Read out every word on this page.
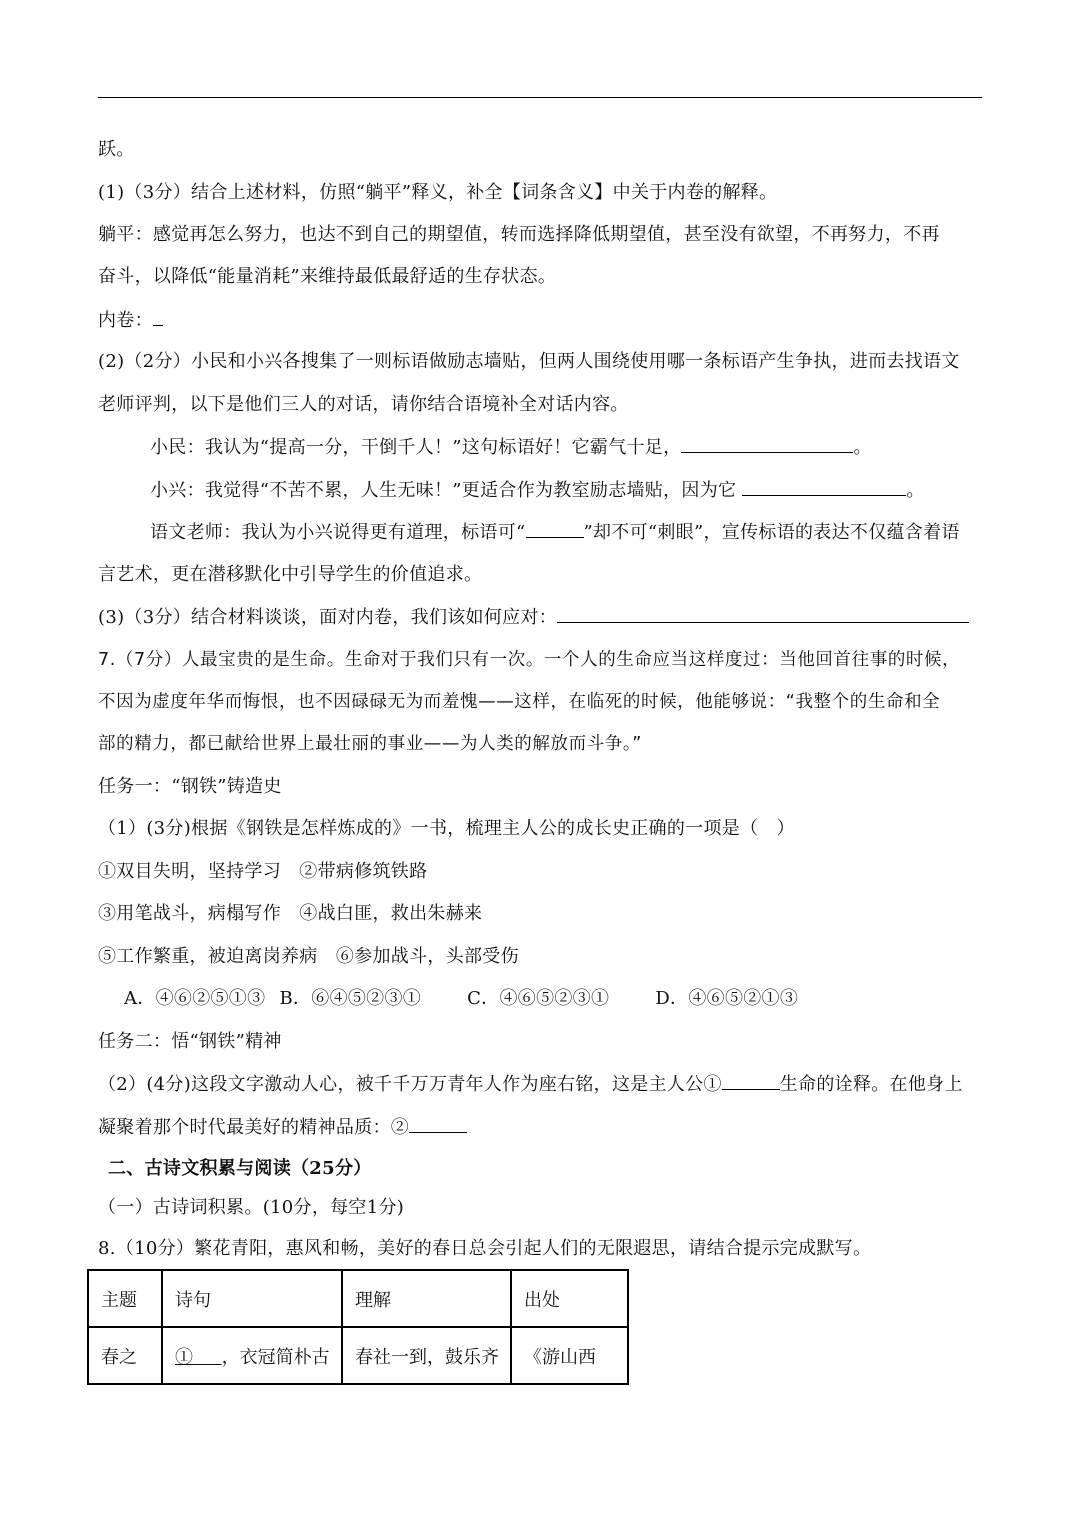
跃。
(1)（3分）结合上述材料，仿照“躺平”释义，补全【词条含义】中关于内卷的解释。
躺平：感觉再怎么努力，也达不到自己的期望值，转而选择降低期望值，甚至没有欲望，不再努力，不再
奋斗，以降低“能量消耗”来维持最低最舒适的生存状态。
内卷：
(2)（2分）小民和小兴各搜集了一则标语做励志墙贴，但两人围绕使用哪一条标语产生争执，进而去找语文
老师评判，以下是他们三人的对话，请你结合语境补全对话内容。
小民：我认为“提高一分，干倒千人！”这句标语好！它霸气十足，	。
小兴：我觉得“不苦不累，人生无味！”更适合作为教室励志墙贴，因为它	。
语文老师：我认为小兴说得更有道理，标语可“	”却不可“刺眼”，宣传标语的表达不仅蕴含着语
言艺术，更在潜移默化中引导学生的价值追求。
(3)（3分）结合材料谈谈，面对内卷，我们该如何应对：
7.（7分）人最宝贵的是生命。生命对于我们只有一次。一个人的生命应当这样度过：当他回首往事的时候，
不因为虚度年华而悔恨，也不因碌碌无为而羞愧——这样，在临死的时候，他能够说：“我整个的生命和全
部的精力，都已献给世界上最壮丽的事业——为人类的解放而斗争。”
任务一：“钢铁”铸造史
（1）(3分)根据《钢铁是怎样炼成的》一书，梳理主人公的成长史正确的一项是（　）
①双目失明，坚持学习　②带病修筑铁路
③用笔战斗，病榻写作　④战白匪，救出朱赫来
⑤工作繁重，被迫离岗养病　⑥参加战斗，头部受伤
A．④⑥②⑤①③ B．⑥④⑤②③①	C．④⑥⑤②③①	D．④⑥⑤②①③
任务二：悟“钢铁”精神
（2）(4分)这段文字激动人心，被千千万万青年人作为座右铭，这是主人公①	生命的诠释。在他身上
凝聚着那个时代最美好的精神品质：②
二、古诗文积累与阅读（25分）
（一）古诗词积累。(10分，每空1分)
8.（10分）繁花青阳，惠风和畅，美好的春日总会引起人们的无限遐思，请结合提示完成默写。
主题	诗句	理解	出处
春之	① ，衣冠简朴古	春社一到，鼓乐齐	《游山西
